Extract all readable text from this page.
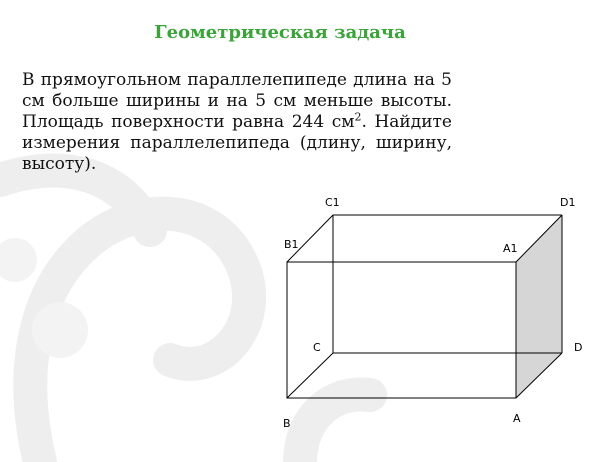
Геометрическая задача
В прямоугольном параллелепипеде длина на 5 см больше ширины и на 5 см меньше высоты. Площадь поверхности равна 244 $см^2$. Найдите измерения параллелепипеда (длину, ширину, высоту).
B	A
A1
B1
C	D
C1	D1
